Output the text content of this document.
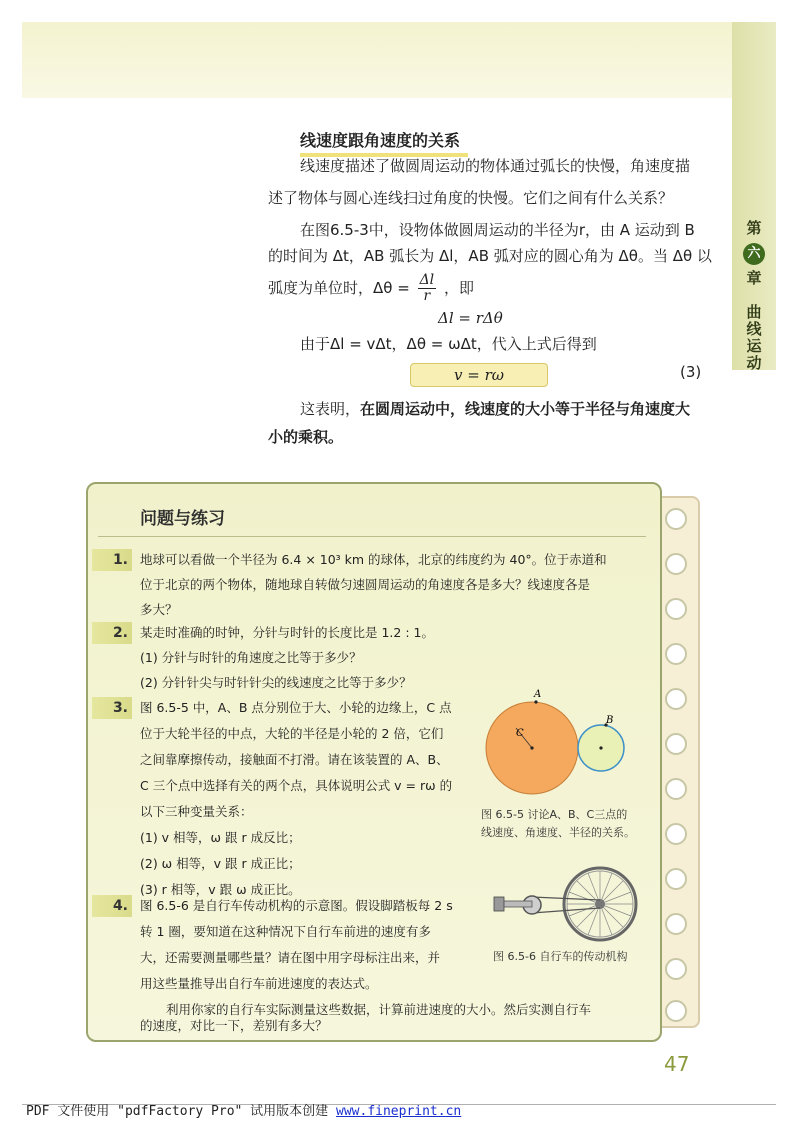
第
六
章
曲
线
运
动
线速度跟角速度的关系
线速度描述了做圆周运动的物体通过弧长的快慢，角速度描
述了物体与圆心连线扫过角度的快慢。它们之间有什么关系？
在图6.5-3中，设物体做圆周运动的半径为r，由 A 运动到 B
的时间为 Δt，AB 弧长为 Δl，AB 弧对应的圆心角为 Δθ。当 Δθ 以
弧度为单位时，$\Delta\theta = \frac{\Delta l}{r}$ ，即
Δl = rΔθ
由于Δl = vΔt，Δθ = ωΔt，代入上式后得到
v = rω	(3)
这表明，在圆周运动中，线速度的大小等于半径与角速度大
小的乘积。
问题与练习
1. 地球可以看做一个半径为 6.4 × 10³ km 的球体，北京的纬度约为 40°。位于赤道和
位于北京的两个物体，随地球自转做匀速圆周运动的角速度各是多大？线速度各是
多大？
2. 某走时准确的时钟，分针与时针的长度比是 1.2 : 1。
(1) 分针与时针的角速度之比等于多少？
(2) 分针针尖与时针针尖的线速度之比等于多少？
3. 图 6.5-5 中，A、B 点分别位于大、小轮的边缘上，C 点
位于大轮半径的中点，大轮的半径是小轮的 2 倍，它们
之间靠摩擦传动，接触面不打滑。请在该装置的 A、B、
C 三个点中选择有关的两个点，具体说明公式 v = rω 的
以下三种变量关系：
(1) v 相等，ω 跟 r 成反比；
(2) ω 相等，v 跟 r 成正比；
(3) r 相等，v 跟 ω 成正比。
A
B
C
图 6.5-5 讨论A、B、C三点的
线速度、角速度、半径的关系。
4. 图 6.5-6 是自行车传动机构的示意图。假设脚踏板每 2 s
转 1 圈，要知道在这种情况下自行车前进的速度有多
大，还需要测量哪些量？请在图中用字母标注出来，并
用这些量推导出自行车前进速度的表达式。
利用你家的自行车实际测量这些数据，计算前进速度的大小。然后实测自行车
的速度，对比一下，差别有多大？
图 6.5-6 自行车的传动机构
47
PDF 文件使用 "pdfFactory Pro" 试用版本创建 www.fineprint.cn
